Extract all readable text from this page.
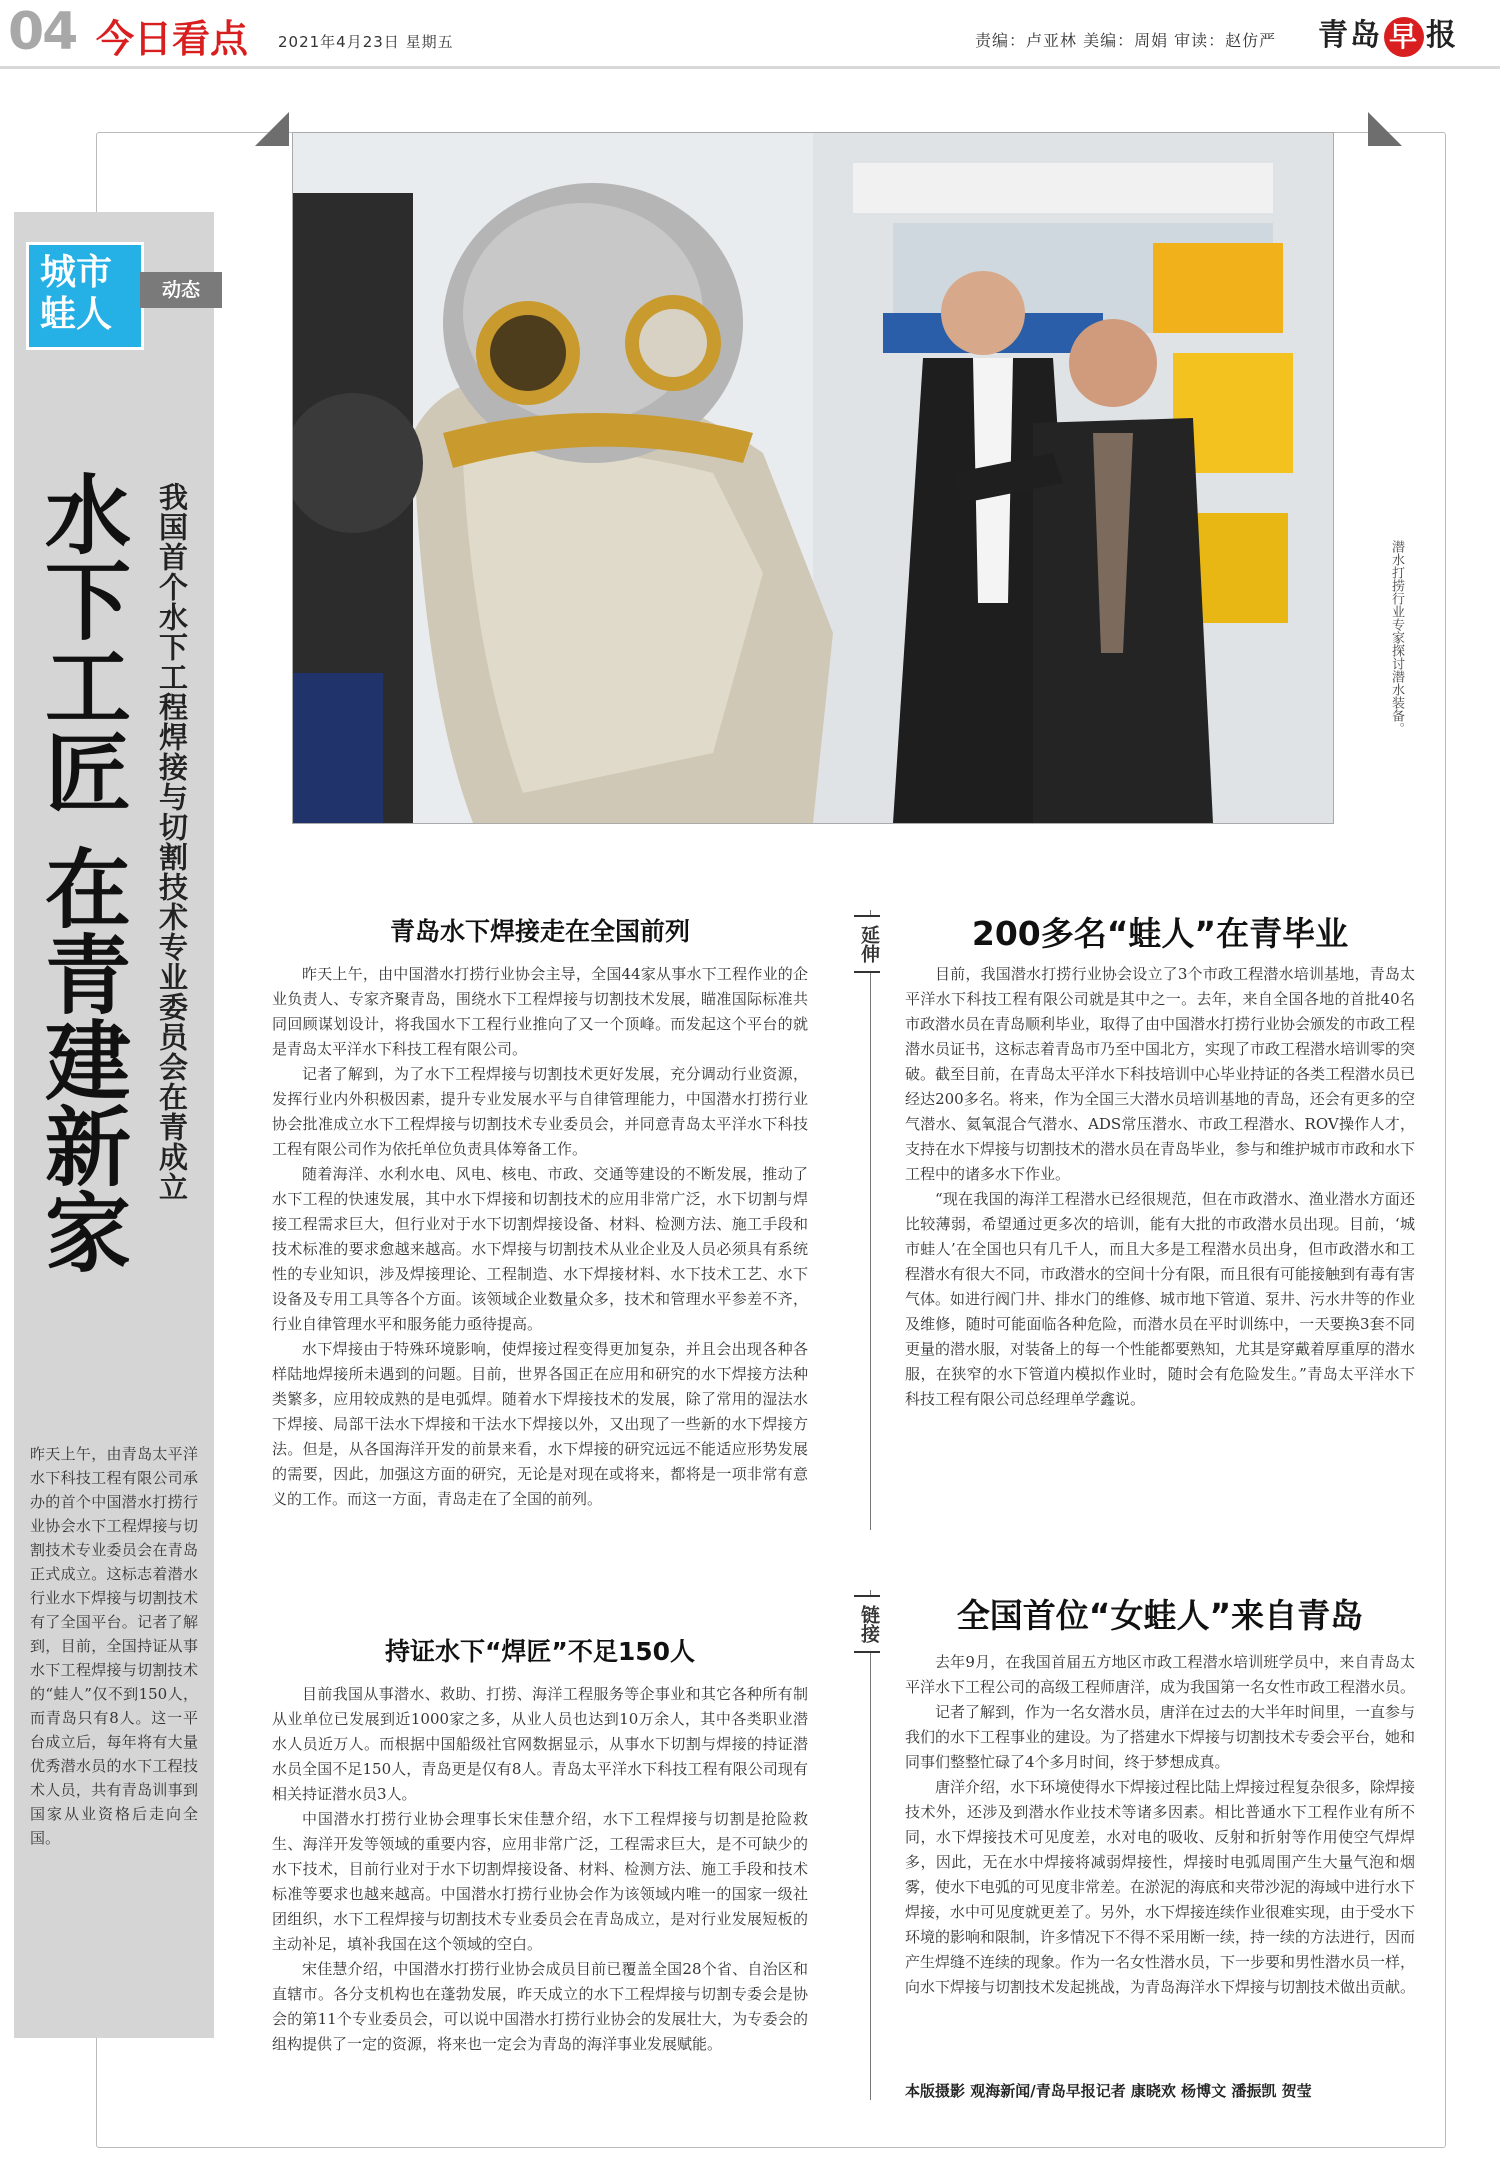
04 今日看点 2021年4月23日 星期五	责编：卢亚林 美编：周娟 审读：赵仿严 青岛 早 报
城市
蛙人
动态
水下工匠 在青建新家 我国首个水下工程焊接与切割技术专业委员会在青成立
昨天上午，由青岛太平洋水下科技工程有限公司承办的首个中国潜水打捞行业协会水下工程焊接与切割技术专业委员会在青岛正式成立。这标志着潜水行业水下焊接与切割技术有了全国平台。记者了解到，目前，全国持证从事水下工程焊接与切割技术的“蛙人”仅不到150人，而青岛只有8人。这一平台成立后，每年将有大量优秀潜水员的水下工程技术人员，共有青岛训事到国家从业资格后走向全国。
潜水打捞行业专家探讨潜水装备。
青岛水下焊接走在全国前列

昨天上午，由中国潜水打捞行业协会主导，全国44家从事水下工程作业的企业负责人、专家齐聚青岛，围绕水下工程焊接与切割技术发展，瞄准国际标准共同回顾谋划设计，将我国水下工程行业推向了又一个顶峰。而发起这个平台的就是青岛太平洋水下科技工程有限公司。

记者了解到，为了水下工程焊接与切割技术更好发展，充分调动行业资源，发挥行业内外积极因素，提升专业发展水平与自律管理能力，中国潜水打捞行业协会批准成立水下工程焊接与切割技术专业委员会，并同意青岛太平洋水下科技工程有限公司作为依托单位负责具体筹备工作。

随着海洋、水利水电、风电、核电、市政、交通等建设的不断发展，推动了水下工程的快速发展，其中水下焊接和切割技术的应用非常广泛，水下切割与焊接工程需求巨大，但行业对于水下切割焊接设备、材料、检测方法、施工手段和技术标准的要求愈越来越高。水下焊接与切割技术从业企业及人员必须具有系统性的专业知识，涉及焊接理论、工程制造、水下焊接材料、水下技术工艺、水下设备及专用工具等各个方面。该领域企业数量众多，技术和管理水平参差不齐，行业自律管理水平和服务能力亟待提高。

水下焊接由于特殊环境影响，使焊接过程变得更加复杂，并且会出现各种各样陆地焊接所未遇到的问题。目前，世界各国正在应用和研究的水下焊接方法种类繁多，应用较成熟的是电弧焊。随着水下焊接技术的发展，除了常用的湿法水下焊接、局部干法水下焊接和干法水下焊接以外，又出现了一些新的水下焊接方法。但是，从各国海洋开发的前景来看，水下焊接的研究远远不能适应形势发展的需要，因此，加强这方面的研究，无论是对现在或将来，都将是一项非常有意义的工作。而这一方面，青岛走在了全国的前列。

持证水下“焊匠”不足150人

目前我国从事潜水、救助、打捞、海洋工程服务等企事业和其它各种所有制从业单位已发展到近1000家之多，从业人员也达到10万余人，其中各类职业潜水人员近万人。而根据中国船级社官网数据显示，从事水下切割与焊接的持证潜水员全国不足150人，青岛更是仅有8人。青岛太平洋水下科技工程有限公司现有相关持证潜水员3人。

中国潜水打捞行业协会理事长宋佳慧介绍，水下工程焊接与切割是抢险救生、海洋开发等领域的重要内容，应用非常广泛，工程需求巨大，是不可缺少的水下技术，目前行业对于水下切割焊接设备、材料、检测方法、施工手段和技术标准等要求也越来越高。中国潜水打捞行业协会作为该领域内唯一的国家一级社团组织，水下工程焊接与切割技术专业委员会在青岛成立，是对行业发展短板的主动补足，填补我国在这个领域的空白。

宋佳慧介绍，中国潜水打捞行业协会成员目前已覆盖全国28个省、自治区和直辖市。各分支机构也在蓬勃发展，昨天成立的水下工程焊接与切割专委会是协会的第11个专业委员会，可以说中国潜水打捞行业协会的发展壮大，为专委会的组构提供了一定的资源，将来也一定会为青岛的海洋事业发展赋能。

延伸	200多名“蛙人”在青毕业

目前，我国潜水打捞行业协会设立了3个市政工程潜水培训基地，青岛太平洋水下科技工程有限公司就是其中之一。去年，来自全国各地的首批40名市政潜水员在青岛顺利毕业，取得了由中国潜水打捞行业协会颁发的市政工程潜水员证书，这标志着青岛市乃至中国北方，实现了市政工程潜水培训零的突破。截至目前，在青岛太平洋水下科技培训中心毕业持证的各类工程潜水员已经达200多名。将来，作为全国三大潜水员培训基地的青岛，还会有更多的空气潜水、氦氧混合气潜水、ADS常压潜水、市政工程潜水、ROV操作人才，支持在水下焊接与切割技术的潜水员在青岛毕业，参与和维护城市市政和水下工程中的诸多水下作业。

“现在我国的海洋工程潜水已经很规范，但在市政潜水、渔业潜水方面还比较薄弱，希望通过更多次的培训，能有大批的市政潜水员出现。目前，‘城市蛙人’在全国也只有几千人，而且大多是工程潜水员出身，但市政潜水和工程潜水有很大不同，市政潜水的空间十分有限，而且很有可能接触到有毒有害气体。如进行阀门井、排水门的维修、城市地下管道、泵井、污水井等的作业及维修，随时可能面临各种危险，而潜水员在平时训练中，一天要换3套不同更量的潜水服，对装备上的每一个性能都要熟知，尤其是穿戴着厚重厚的潜水服，在狭窄的水下管道内模拟作业时，随时会有危险发生。”青岛太平洋水下科技工程有限公司总经理单学鑫说。

链接	全国首位“女蛙人”来自青岛

去年9月，在我国首届五方地区市政工程潜水培训班学员中，来自青岛太平洋水下工程公司的高级工程师唐洋，成为我国第一名女性市政工程潜水员。

记者了解到，作为一名女潜水员，唐洋在过去的大半年时间里，一直参与我们的水下工程事业的建设。为了搭建水下焊接与切割技术专委会平台，她和同事们整整忙碌了4个多月时间，终于梦想成真。

唐洋介绍，水下环境使得水下焊接过程比陆上焊接过程复杂很多，除焊接技术外，还涉及到潜水作业技术等诸多因素。相比普通水下工程作业有所不同，水下焊接技术可见度差，水对电的吸收、反射和折射等作用使空气焊焊多，因此，无在水中焊接将减弱焊接性，焊接时电弧周围产生大量气泡和烟雾，使水下电弧的可见度非常差。在淤泥的海底和夹带沙泥的海域中进行水下焊接，水中可见度就更差了。另外，水下焊接连续作业很难实现，由于受水下环境的影响和限制，许多情况下不得不采用断一续，持一续的方法进行，因而产生焊缝不连续的现象。作为一名女性潜水员，下一步要和男性潜水员一样，向水下焊接与切割技术发起挑战，为青岛海洋水下焊接与切割技术做出贡献。

本版摄影 观海新闻/青岛早报记者 康晓欢 杨博文 潘振凯 贺莹
